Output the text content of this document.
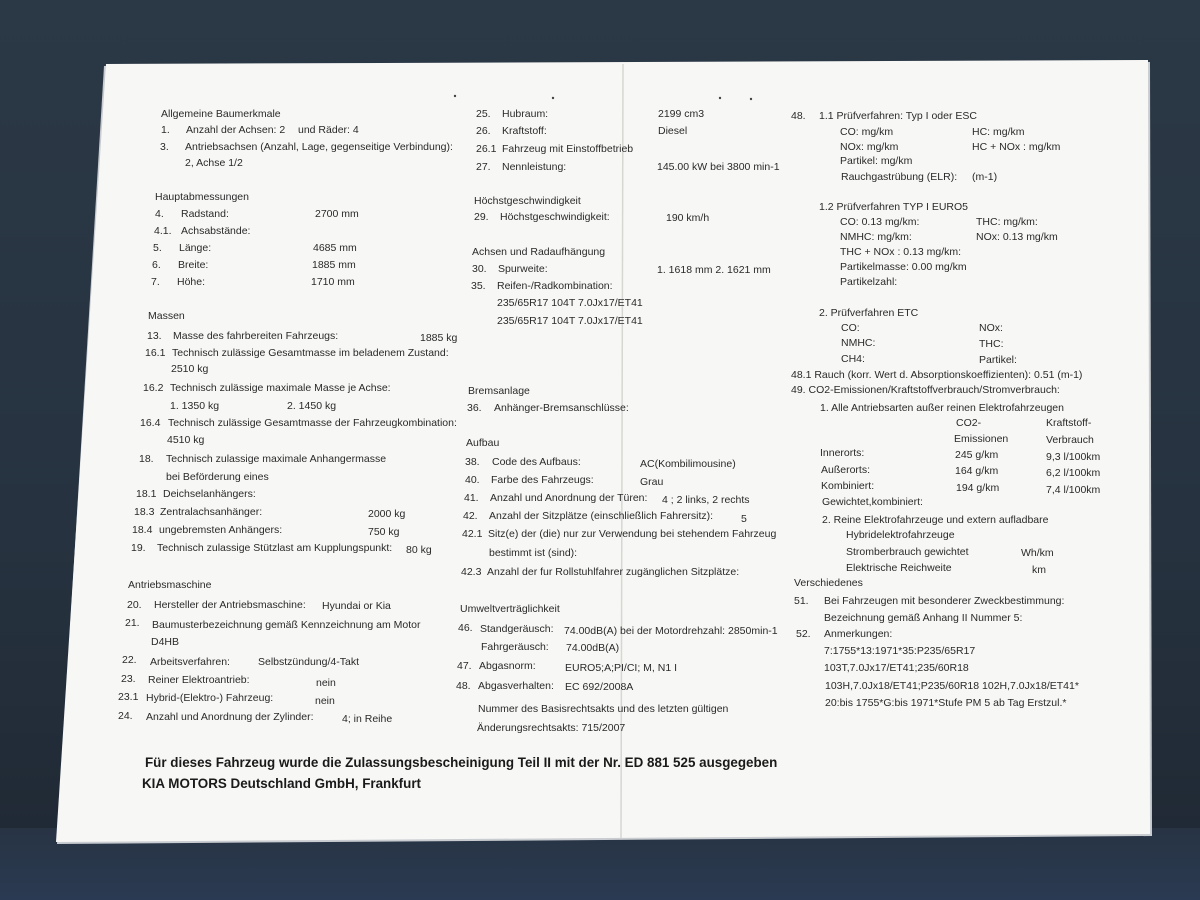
Allgemeine Baumerkmale
1. Anzahl der Achsen: 2 und Räder: 4
3. Antriebsachsen (Anzahl, Lage, gegenseitige Verbindung):
2, Achse 1/2
Hauptabmessungen
4. Radstand:	2700 mm
4.1. Achsabstände:
5. Länge:	4685 mm
6. Breite:	1885 mm
7. Höhe:	1710 mm
Massen
13. Masse des fahrbereiten Fahrzeugs:	1885 kg
16.1 Technisch zulässige Gesamtmasse im beladenem Zustand:
2510 kg
16.2 Technisch zulässige maximale Masse je Achse:
1. 1350 kg	2. 1450 kg
16.4 Technisch zulässige Gesamtmasse der Fahrzeugkombination:
4510 kg
18. Technisch zulassige maximale Anhangermasse
bei Beförderung eines
18.1 Deichselanhängers:
18.3 Zentralachsanhänger:	2000 kg
18.4 ungebremsten Anhängers:	750 kg
19. Technisch zulassige Stützlast am Kupplungspunkt: 80 kg
Antriebsmaschine
20. Hersteller der Antriebsmaschine: Hyundai or Kia
21. Baumusterbezeichnung gemäß Kennzeichnung am Motor
D4HB
22. Arbeitsverfahren:	Selbstzündung/4-Takt
23. Reiner Elektroantrieb:	nein
23.1 Hybrid-(Elektro-) Fahrzeug:	nein
24. Anzahl und Anordnung der Zylinder:	4; in Reihe
25. Hubraum:	2199 cm3
26. Kraftstoff:	Diesel
26.1 Fahrzeug mit Einstoffbetrieb
27. Nennleistung:	145.00 kW bei 3800 min-1
Höchstgeschwindigkeit
29. Höchstgeschwindigkeit:	190 km/h
Achsen und Radaufhängung
30. Spurweite:	1. 1618 mm 2. 1621 mm
35. Reifen-/Radkombination:
235/65R17 104T 7.0Jx17/ET41
235/65R17 104T 7.0Jx17/ET41
Bremsanlage
36. Anhänger-Bremsanschlüsse:
Aufbau
38. Code des Aufbaus:	AC(Kombilimousine)
40. Farbe des Fahrzeugs:	Grau
41. Anzahl und Anordnung der Türen: 4 ; 2 links, 2 rechts
42. Anzahl der Sitzplätze (einschließlich Fahrersitz):	5
42.1 Sitz(e) der (die) nur zur Verwendung bei stehendem Fahrzeug
bestimmt ist (sind):
42.3 Anzahl der fur Rollstuhlfahrer zugänglichen Sitzplätze:
Umweltverträglichkeit
46. Standgeräusch: 74.00dB(A) bei der Motordrehzahl: 2850min-1
Fahrgeräusch: 74.00dB(A)
47. Abgasnorm:	EURO5;A;PI/CI; M, N1 I
48. Abgasverhalten: EC 692/2008A
Nummer des Basisrechtsakts und des letzten gültigen
Änderungsrechtsakts: 715/2007
48. 1.1 Prüfverfahren: Typ I oder ESC
CO: mg/km	HC: mg/km
NOx: mg/km	HC + NOx : mg/km
Partikel: mg/km
Rauchgastrübung (ELR): (m-1)
1.2 Prüfverfahren TYP I EURO5
CO: 0.13 mg/km:	THC: mg/km:
NMHC: mg/km:	NOx: 0.13 mg/km
THC + NOx : 0.13 mg/km:
Partikelmasse: 0.00 mg/km
Partikelzahl:
2. Prüfverfahren ETC
CO:	NOx:
NMHC:	THC:
CH4:	Partikel:
48.1 Rauch (korr. Wert d. Absorptionskoeffizienten): 0.51 (m-1)
49. CO2-Emissionen/Kraftstoffverbrauch/Stromverbrauch:
1. Alle Antriebsarten außer reinen Elektrofahrzeugen
CO2-
Emissionen
Kraftstoff-
Verbrauch
Innerorts:	245 g/km	9,3 l/100km
Außerorts:	164 g/km	6,2 l/100km
Kombiniert:	194 g/km	7,4 l/100km
Gewichtet,kombiniert:
2. Reine Elektrofahrzeuge und extern aufladbare
Hybridelektrofahrzeuge
Stromberbrauch gewichtet	Wh/km
Elektrische Reichweite	km
Verschiedenes
51. Bei Fahrzeugen mit besonderer Zweckbestimmung:
Bezeichnung gemäß Anhang II Nummer 5:
52. Anmerkungen:
7:1755*13:1971*35:P235/65R17
103T,7.0Jx17/ET41;235/60R18
103H,7.0Jx18/ET41;P235/60R18 102H,7.0Jx18/ET41*
20:bis 1755*G:bis 1971*Stufe PM 5 ab Tag Erstzul.*
Für dieses Fahrzeug wurde die Zulassungsbescheinigung Teil II mit der Nr. ED 881 525 ausgegeben
KIA MOTORS Deutschland GmbH, Frankfurt
